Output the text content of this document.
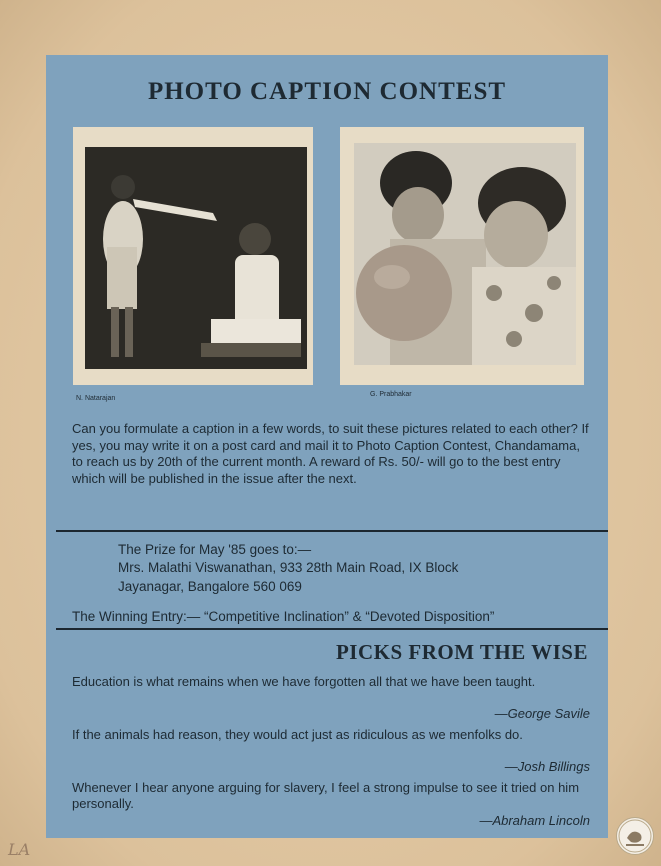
PHOTO CAPTION CONTEST
N. Natarajan
G. Prabhakar
Can you formulate a caption in a few words, to suit these pictures related to each other? If yes, you may write it on a post card and mail it to Photo Caption Contest, Chandamama, to reach us by 20th of the current month. A reward of Rs. 50/- will go to the best entry which will be published in the issue after the next.
The Prize for May '85 goes to:—
Mrs. Malathi Viswanathan, 933 28th Main Road, IX Block
Jayanagar, Bangalore 560 069
The Winning Entry:— “Competitive Inclination” & “Devoted Disposition”
PICKS FROM THE WISE
Education is what remains when we have forgotten all that we have been taught.
—George Savile
If the animals had reason, they would act just as ridiculous as we menfolks do.
—Josh Billings
Whenever I hear anyone arguing for slavery, I feel a strong impulse to see it tried on him personally.
—Abraham Lincoln
LA
